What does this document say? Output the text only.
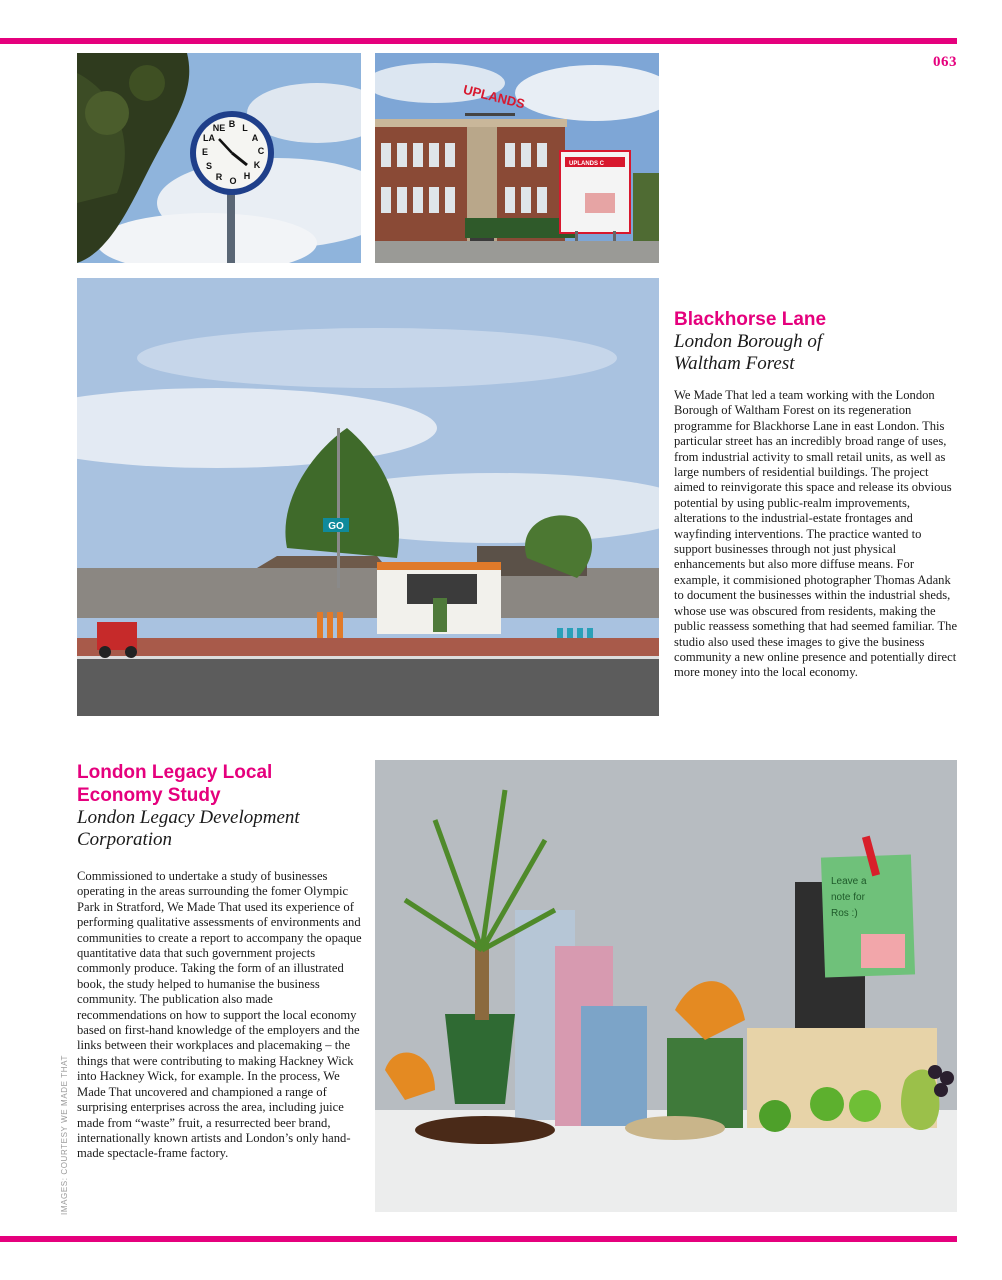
063
B L
A
C
K
H
O
R
S
E
LA
NE
UPLANDS
UPLANDS C
GO
Leave a
note for
Ros :)
Blackhorse Lane

London Borough of Waltham Forest

We Made That led a team working with the London Borough of Waltham Forest on its regeneration programme for Blackhorse Lane in east London. This particular street has an incredibly broad range of uses, from industrial activity to small retail units, as well as large numbers of residential buildings. The project aimed to reinvigorate this space and release its obvious potential by using public-realm improvements, alterations to the industrial-estate frontages and wayfinding interventions. The practice wanted to support businesses through not just physical enhancements but also more diffuse means. For example, it commisioned photographer Thomas Adank to document the businesses within the industrial sheds, whose use was obscured from residents, making the public reassess something that had seemed familiar. The studio also used these images to give the business community a new online presence and potentially direct more money into the local economy.

London Legacy Local Economy Study

London Legacy Development Corporation

Commissioned to undertake a study of businesses operating in the areas surrounding the fomer Olympic Park in Stratford, We Made That used its experience of performing qualitative assessments of environments and communities to create a report to accompany the opaque quantitative data that such government projects commonly produce. Taking the form of an illustrated book, the study helped to humanise the business community. The publication also made recommendations on how to support the local economy based on first-hand knowledge of the employers and the links between their workplaces and placemaking – the things that were contributing to making Hackney Wick into Hackney Wick, for example. In the process, We Made That uncovered and championed a range of surprising enterprises across the area, including juice made from “waste” fruit, a resurrected beer brand, internationally known artists and London’s only hand-made spectacle-frame factory.

IMAGES: COURTESY WE MADE THAT
